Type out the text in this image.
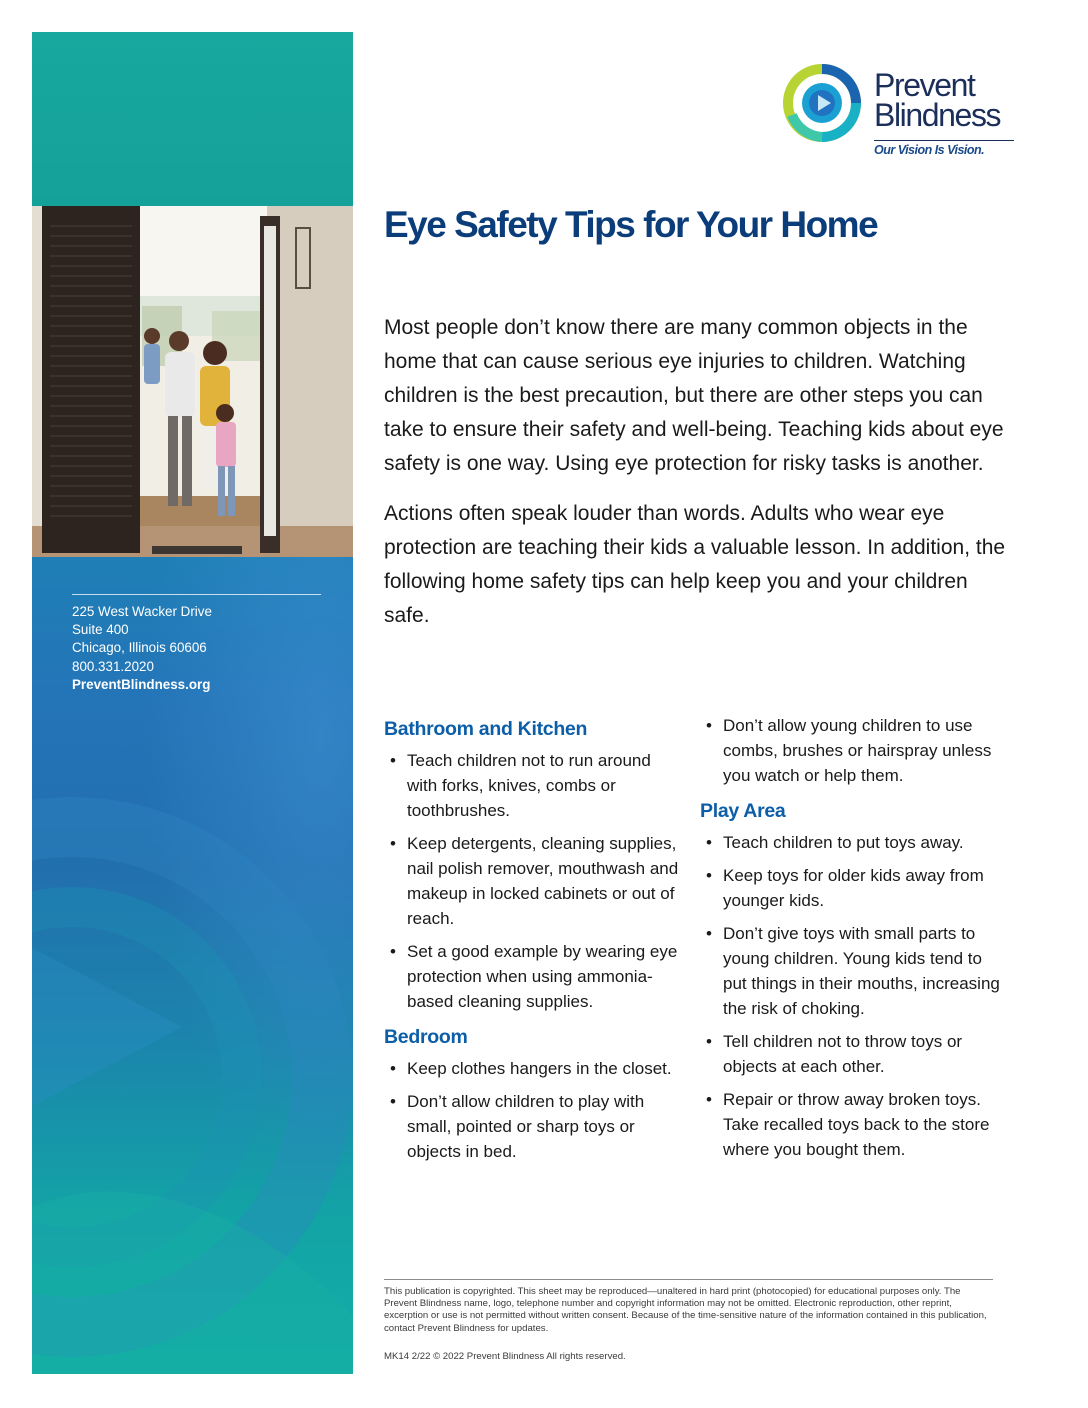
225 West Wacker Drive
Suite 400
Chicago, Illinois 60606
800.331.2020
PreventBlindness.org
Prevent
Blindness
Our Vision Is Vision.
Eye Safety Tips for Your Home

Most people don’t know there are many common objects in the home that can cause serious eye injuries to children. Watching children is the best precaution, but there are other steps you can take to ensure their safety and well-being. Teaching kids about eye safety is one way. Using eye protection for risky tasks is another.

Actions often speak louder than words. Adults who wear eye protection are teaching their kids a valuable lesson. In addition, the following home safety tips can help keep you and your children safe.

Bathroom and Kitchen
• Teach children not to run around with forks, knives, combs or toothbrushes.
• Keep detergents, cleaning supplies, nail polish remover, mouthwash and makeup in locked cabinets or out of reach.
• Set a good example by wearing eye protection when using ammonia-based cleaning supplies.
Bedroom
• Keep clothes hangers in the closet.
• Don’t allow children to play with small, pointed or sharp toys or objects in bed.
• Don’t allow young children to use combs, brushes or hairspray unless you watch or help them.
Play Area
• Teach children to put toys away.
• Keep toys for older kids away from younger kids.
• Don’t give toys with small parts to young children. Young kids tend to put things in their mouths, increasing the risk of choking.
• Tell children not to throw toys or objects at each other.
• Repair or throw away broken toys. Take recalled toys back to the store where you bought them.
This publication is copyrighted. This sheet may be reproduced—unaltered in hard print (photocopied) for educational purposes only. The Prevent Blindness name, logo, telephone number and copyright information may not be omitted. Electronic reproduction, other reprint, excerption or use is not permitted without written consent. Because of the time-sensitive nature of the information contained in this publication, contact Prevent Blindness for updates.
MK14 2/22 © 2022 Prevent Blindness All rights reserved.
